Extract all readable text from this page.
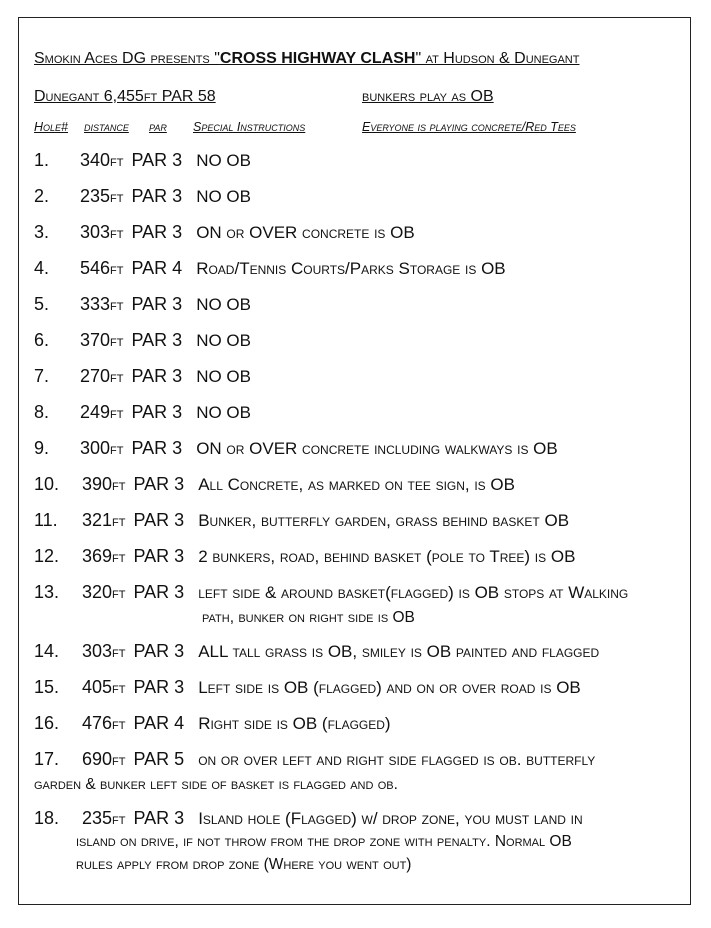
Smokin Aces DG presents "CROSS HIGHWAY CLASH" at Hudson & Dunegant
Dunegant 6,455ft PAR 58	bunkers play as OB
Hole# distance par Special Instructions	Everyone is playing concrete/Red Tees
1. 340ft PAR 3 NO OB
2. 235ft PAR 3 NO OB
3. 303ft PAR 3 ON or OVER concrete is OB
4. 546ft PAR 4 Road/Tennis Courts/Parks Storage is OB
5. 333ft PAR 3 NO OB
6. 370ft PAR 3 NO OB
7. 270ft PAR 3 NO OB
8. 249ft PAR 3 NO OB
9. 300ft PAR 3 ON or OVER concrete including walkways is OB
10. 390ft PAR 3 All Concrete, as marked on tee sign, is OB
11. 321ft PAR 3 Bunker, butterfly garden, grass behind basket OB
12. 369ft PAR 3 2 bunkers, road, behind basket (pole to Tree) is OB
13. 320ft PAR 3 left side & around basket(flagged) is OB stops at Walking
path, bunker on right side is OB
14. 303ft PAR 3 ALL tall grass is OB, smiley is OB painted and flagged
15. 405ft PAR 3 Left side is OB (flagged) and on or over road is OB
16. 476ft PAR 4 Right side is OB (flagged)
17. 690ft PAR 5 on or over left and right side flagged is ob. butterfly
garden & bunker left side of basket is flagged and ob.
18. 235ft PAR 3 Island hole (Flagged) w/ drop zone, you must land in
island on drive, if not throw from the drop zone with penalty. Normal OB
rules apply from drop zone (Where you went out)
